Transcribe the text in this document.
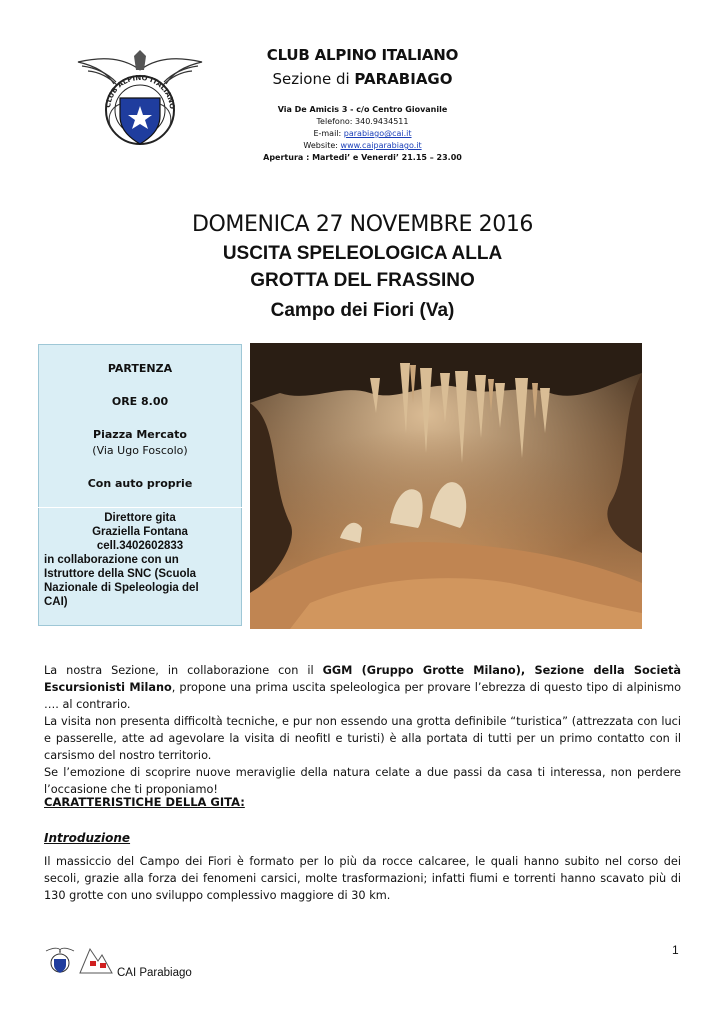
CLUB ALPINO ITALIANO
CLUB ALPINO ITALIANO
Sezione di PARABIAGO
Via De Amicis 3 - c/o Centro Giovanile
Telefono: 340.9434511
E-mail: parabiago@cai.it
Website: www.caiparabiago.it
Apertura : Martedi’ e Venerdi’ 21.15 – 23.00
DOMENICA 27 NOVEMBRE 2016
USCITA SPELEOLOGICA ALLA
GROTTA DEL FRASSINO
Campo dei Fiori (Va)
PARTENZA
ORE 8.00
Piazza Mercato
(Via Ugo Foscolo)
Con auto proprie
Direttore gita
Graziella Fontana
cell.3402602833
in collaborazione con un
Istruttore della SNC (Scuola
Nazionale di Speleologia del
CAI)
La nostra Sezione, in collaborazione con il GGM (Gruppo Grotte Milano), Sezione della Società Escursionisti Milano, propone una prima uscita speleologica per provare l’ebrezza di questo tipo di alpinismo …. al contrario.
La visita non presenta difficoltà tecniche, e pur non essendo una grotta definibile “turistica” (attrezzata con luci e passerelle, atte ad agevolare la visita di neofitI e turisti) è alla portata di tutti per un primo contatto con il carsismo del nostro territorio.
Se l’emozione di scoprire nuove meraviglie della natura celate a due passi da casa ti interessa, non perdere l’occasione che ti proponiamo!
CARATTERISTICHE DELLA GITA:
Introduzione
Il massiccio del Campo dei Fiori è formato per lo più da rocce calcaree, le quali hanno subito nel corso dei secoli, grazie alla forza dei fenomeni carsici, molte trasformazioni; infatti fiumi e torrenti hanno scavato più di 130 grotte con uno sviluppo complessivo maggiore di 30 km.
1
CAI Parabiago
